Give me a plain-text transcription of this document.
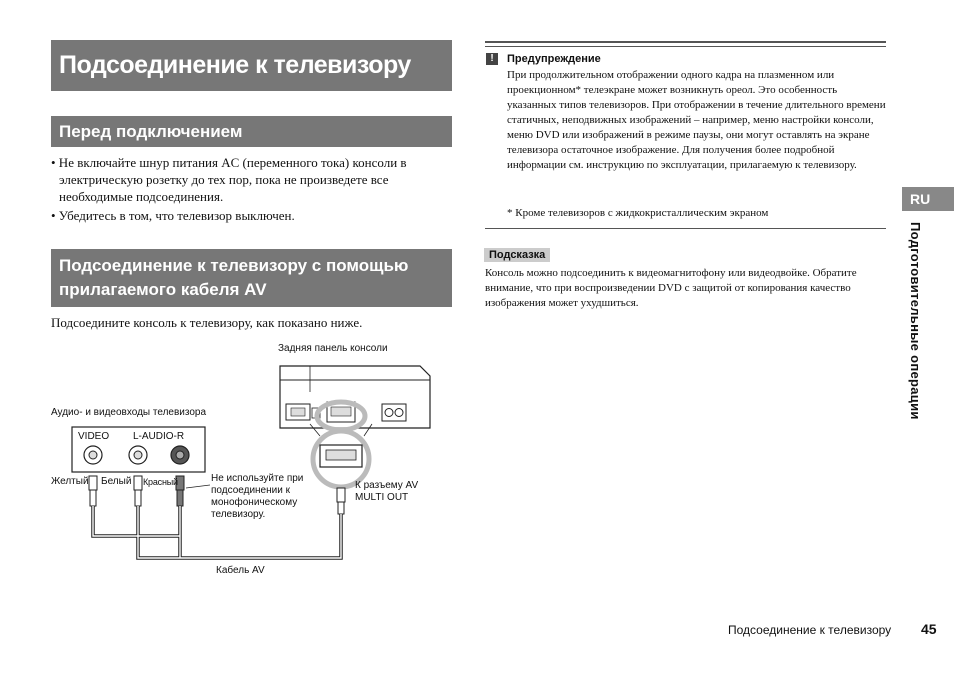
Подсоединение к телевизору
Перед подключением
• Не включайте шнур питания AC (переменного тока) консоли в электрическую розетку до тех пор, пока не произведете все необходимые подсоединения.
• Убедитесь в том, что телевизор выключен.
Подсоединение к телевизору с помощью прилагаемого кабеля AV
Подсоедините консоль к телевизору, как показано ниже.
Задняя панель консоли
Аудио- и видеовходы телевизора
VIDEO L-AUDIO-R
Желтый Белый Красный	Не используйте при подсоединении к монофоническому телевизору.
К разъему AV MULTI OUT
Кабель AV
!	Предупреждение
При продолжительном отображении одного кадра на плазменном или проекционном* телеэкране может возникнуть ореол. Это особенность указанных типов телевизоров. При отображении в течение длительного времени статичных, неподвижных изображений – например, меню настройки консоли, меню DVD или изображений в режиме паузы, они могут оставлять на экране телевизора остаточное изображение. Для получения более подробной информации см. инструкцию по эксплуатации, прилагаемую к телевизору.
* Кроме телевизоров с жидкокристаллическим экраном
Подсказка
Консоль можно подсоединить к видеомагнитофону или видеодвойке. Обратите внимание, что при воспроизведении DVD с защитой от копирования качество изображения может ухудшиться.
RU
Подготовительные операции
Подсоединение к телевизору 45
